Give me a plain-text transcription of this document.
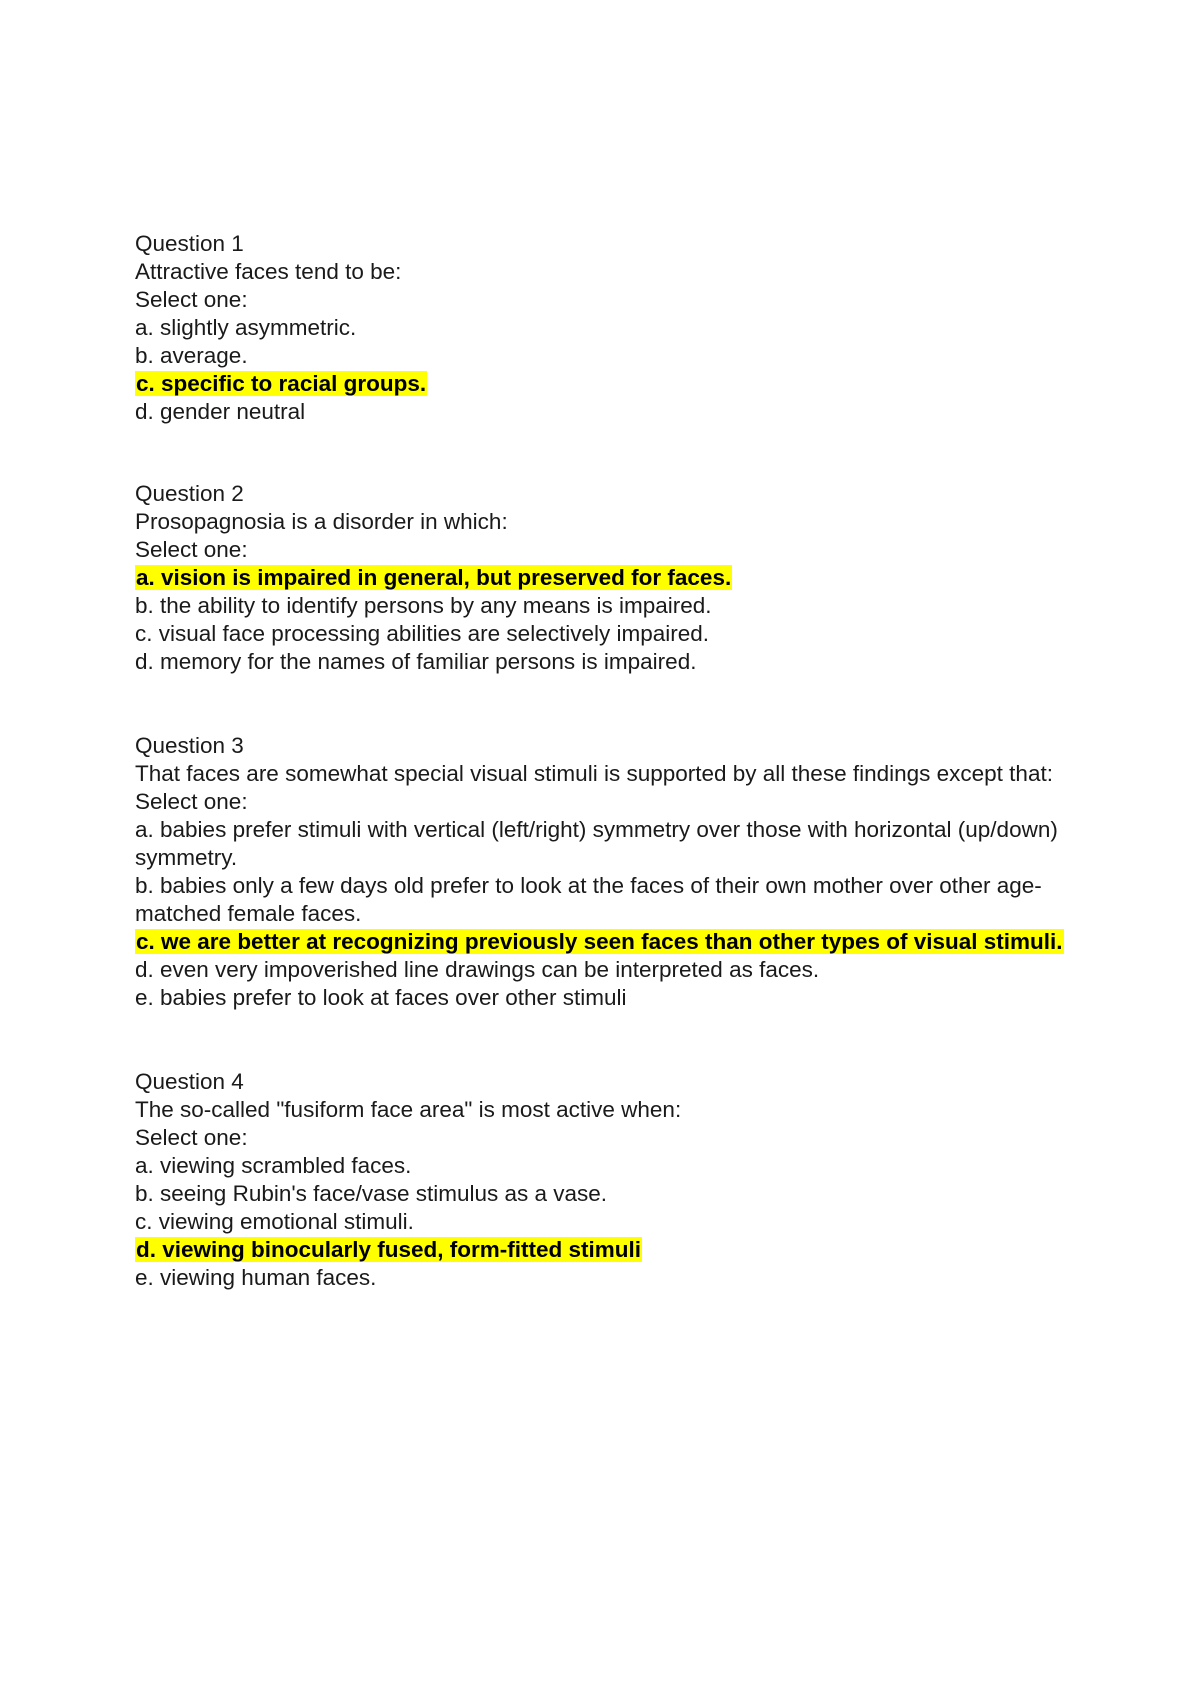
Question 1
Attractive faces tend to be:
Select one:
a. slightly asymmetric.
b. average.
c. specific to racial groups.
d. gender neutral
Question 2
Prosopagnosia is a disorder in which:
Select one:
a. vision is impaired in general, but preserved for faces.
b. the ability to identify persons by any means is impaired.
c. visual face processing abilities are selectively impaired.
d. memory for the names of familiar persons is impaired.
Question 3
That faces are somewhat special visual stimuli is supported by all these findings except that:
Select one:
a. babies prefer stimuli with vertical (left/right) symmetry over those with horizontal (up/down) symmetry.
b. babies only a few days old prefer to look at the faces of their own mother over other age-matched female faces.
c. we are better at recognizing previously seen faces than other types of visual stimuli.
d. even very impoverished line drawings can be interpreted as faces.
e. babies prefer to look at faces over other stimuli
Question 4
The so-called "fusiform face area" is most active when:
Select one:
a. viewing scrambled faces.
b. seeing Rubin's face/vase stimulus as a vase.
c. viewing emotional stimuli.
d. viewing binocularly fused, form-fitted stimuli
e. viewing human faces.
